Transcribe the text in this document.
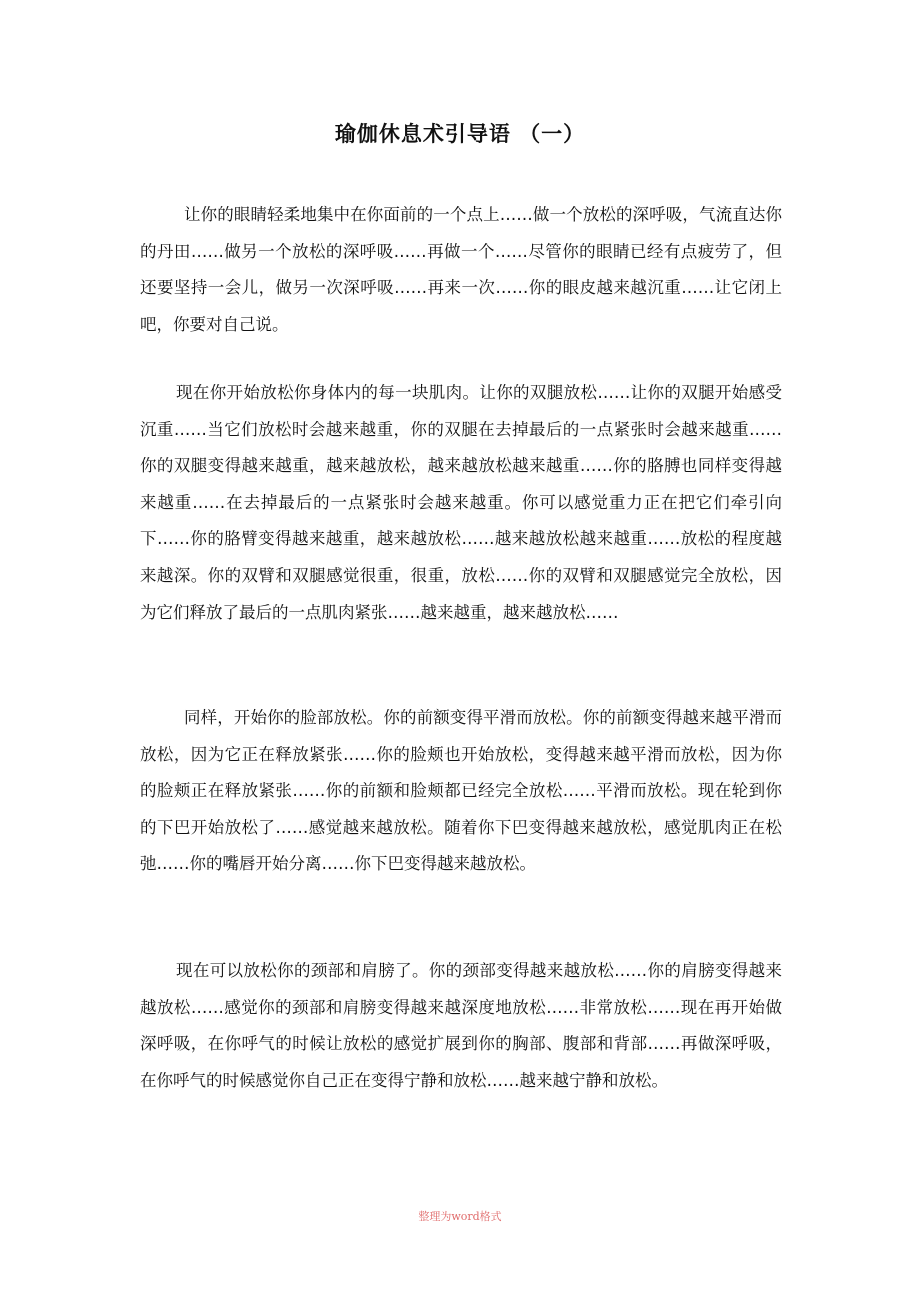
瑜伽休息术引导语 （一）

让你的眼睛轻柔地集中在你面前的一个点上……做一个放松的深呼吸，气流直达你的丹田……做另一个放松的深呼吸……再做一个……尽管你的眼睛已经有点疲劳了，但还要坚持一会儿，做另一次深呼吸……再来一次……你的眼皮越来越沉重……让它闭上吧，你要对自己说。

现在你开始放松你身体内的每一块肌肉。让你的双腿放松……让你的双腿开始感受沉重……当它们放松时会越来越重，你的双腿在去掉最后的一点紧张时会越来越重……你的双腿变得越来越重，越来越放松，越来越放松越来越重……你的胳膊也同样变得越来越重……在去掉最后的一点紧张时会越来越重。你可以感觉重力正在把它们牵引向下……你的胳臂变得越来越重，越来越放松……越来越放松越来越重……放松的程度越来越深。你的双臂和双腿感觉很重，很重，放松……你的双臂和双腿感觉完全放松，因为它们释放了最后的一点肌肉紧张……越来越重，越来越放松……

同样，开始你的脸部放松。你的前额变得平滑而放松。你的前额变得越来越平滑而放松，因为它正在释放紧张……你的脸颊也开始放松，变得越来越平滑而放松，因为你的脸颊正在释放紧张……你的前额和脸颊都已经完全放松……平滑而放松。现在轮到你的下巴开始放松了……感觉越来越放松。随着你下巴变得越来越放松，感觉肌肉正在松弛……你的嘴唇开始分离……你下巴变得越来越放松。

现在可以放松你的颈部和肩膀了。你的颈部变得越来越放松……你的肩膀变得越来越放松……感觉你的颈部和肩膀变得越来越深度地放松……非常放松……现在再开始做深呼吸，在你呼气的时候让放松的感觉扩展到你的胸部、腹部和背部……再做深呼吸，在你呼气的时候感觉你自己正在变得宁静和放松……越来越宁静和放松。

整理为word格式
